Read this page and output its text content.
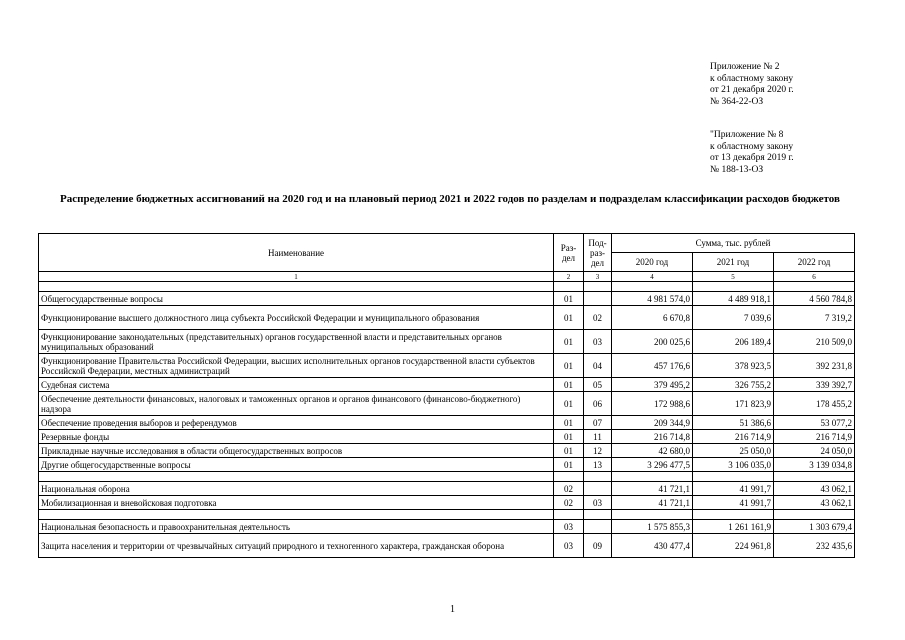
Приложение № 2
к областному закону
от 21 декабря 2020 г.
№ 364-22-ОЗ
"Приложение № 8
к областному закону
от 13 декабря 2019 г.
№ 188-13-ОЗ
Распределение бюджетных ассигнований на 2020 год и на плановый период 2021 и 2022 годов по разделам и подразделам классификации расходов бюджетов
Наименование	Раз-дел	Под-раз-дел	Сумма, тыс. рублей		
			2020 год	2021 год	2022 год
1	2	3	4	5	6

Общегосударственные вопросы	01		4 981 574,0	4 489 918,1	4 560 784,8
Функционирование высшего должностного лица субъекта Российской Федерации и муниципального образования	01	02	6 670,8	7 039,6	7 319,2
Функционирование законодательных (представительных) органов государственной власти и представительных органов муниципальных образований	01	03	200 025,6	206 189,4	210 509,0
Функционирование Правительства Российской Федерации, высших исполнительных органов государственной власти субъектов Российской Федерации, местных администраций	01	04	457 176,6	378 923,5	392 231,8
Судебная система	01	05	379 495,2	326 755,2	339 392,7
Обеспечение деятельности финансовых, налоговых и таможенных органов и органов финансового (финансово-бюджетного) надзора	01	06	172 988,6	171 823,9	178 455,2
Обеспечение проведения выборов и референдумов	01	07	209 344,9	51 386,6	53 077,2
Резервные фонды	01	11	216 714,8	216 714,9	216 714,9
Прикладные научные исследования в области общегосударственных вопросов	01	12	42 680,0	25 050,0	24 050,0
Другие общегосударственные вопросы	01	13	3 296 477,5	3 106 035,0	3 139 034,8

Национальная оборона	02		41 721,1	41 991,7	43 062,1
Мобилизационная и вневойсковая подготовка	02	03	41 721,1	41 991,7	43 062,1

Национальная безопасность и правоохранительная деятельность	03		1 575 855,3	1 261 161,9	1 303 679,4
Защита населения и территории от чрезвычайных ситуаций природного и техногенного характера, гражданская оборона	03	09	430 477,4	224 961,8	232 435,6
1
